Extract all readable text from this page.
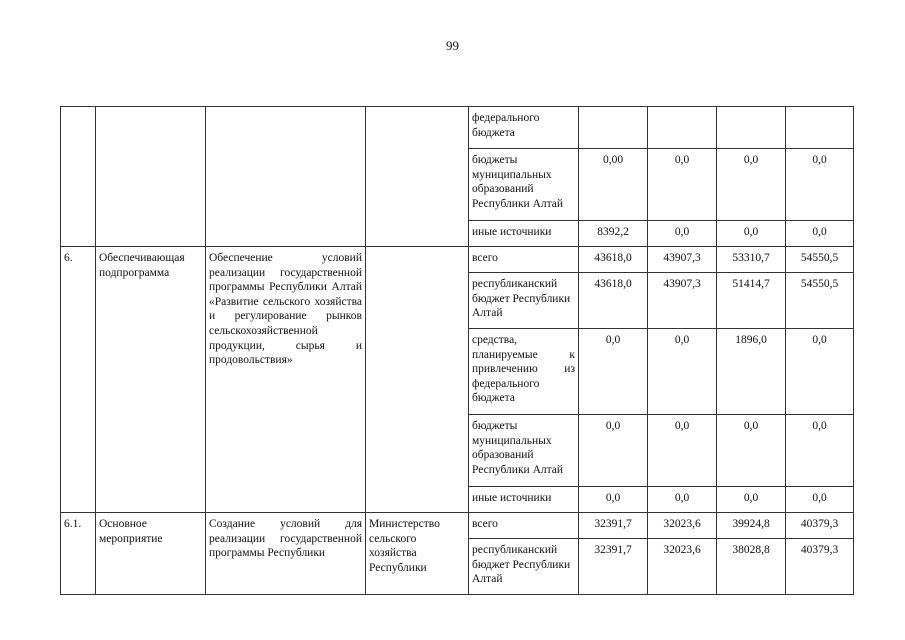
99
				федерального бюджета				
				бюджеты муниципальных образований Республики Алтай	0,00	0,0	0,0	0,0
				иные источники	8392,2	0,0	0,0	0,0
6.	Обеспечивающая подпрограмма	Обеспечение условий реализации государственной программы Республики Алтай «Развитие сельского хозяйства и регулирование рынков сельскохозяйственной продукции, сырья и продовольствия»		всего	43618,0	43907,3	53310,7	54550,5
				республиканский бюджет Республики Алтай	43618,0	43907,3	51414,7	54550,5
				средства, планируемые к привлечению из федерального бюджета	0,0	0,0	1896,0	0,0
				бюджеты муниципальных образований Республики Алтай	0,0	0,0	0,0	0,0
				иные источники	0,0	0,0	0,0	0,0
6.1.	Основное мероприятие	Создание условий для реализации государственной программы Республики	Министерство сельского хозяйства Республики	всего	32391,7	32023,6	39924,8	40379,3
				республиканский бюджет Республики Алтай	32391,7	32023,6	38028,8	40379,3
